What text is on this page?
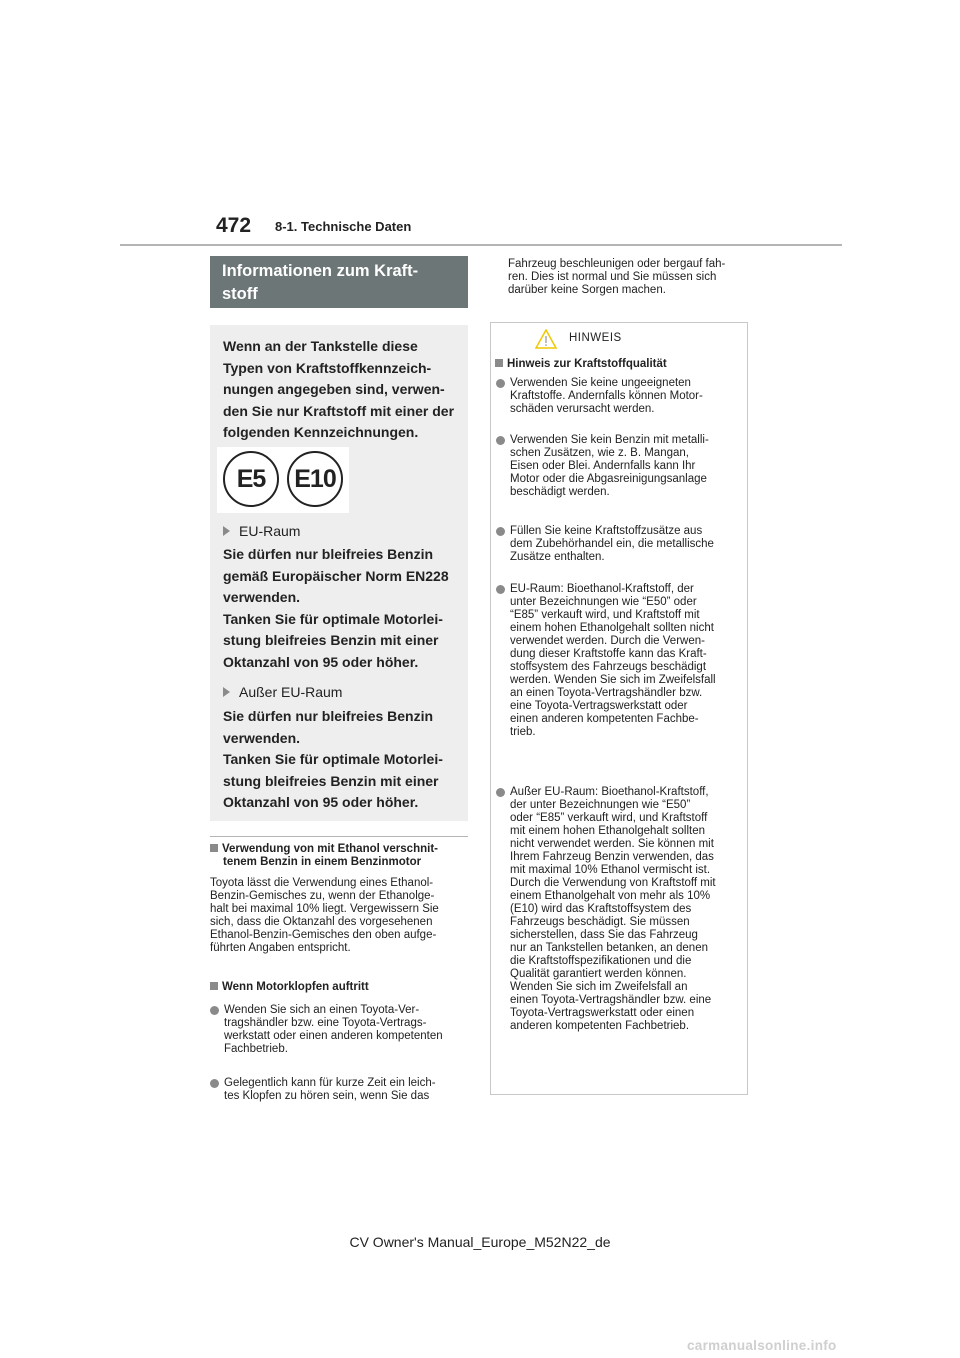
472 8-1. Technische Daten
Informationen zum Kraft-
stoff
Wenn an der Tankstelle diese
Typen von Kraftstoffkennzeich-
nungen angegeben sind, verwen-
den Sie nur Kraftstoff mit einer der
folgenden Kennzeichnungen.
E5	E10
EU-Raum
Sie dürfen nur bleifreies Benzin
gemäß Europäischer Norm EN228
verwenden.
Tanken Sie für optimale Motorlei-
stung bleifreies Benzin mit einer
Oktanzahl von 95 oder höher.
Außer EU-Raum
Sie dürfen nur bleifreies Benzin
verwenden.
Tanken Sie für optimale Motorlei-
stung bleifreies Benzin mit einer
Oktanzahl von 95 oder höher.
Verwendung von mit Ethanol verschnit-
tenem Benzin in einem Benzinmotor
Toyota lässt die Verwendung eines Ethanol-
Benzin-Gemisches zu, wenn der Ethanolge-
halt bei maximal 10% liegt. Vergewissern Sie
sich, dass die Oktanzahl des vorgesehenen
Ethanol-Benzin-Gemisches den oben aufge-
führten Angaben entspricht.
Wenn Motorklopfen auftritt
Wenden Sie sich an einen Toyota-Ver-
tragshändler bzw. eine Toyota-Vertrags-
werkstatt oder einen anderen kompetenten
Fachbetrieb.
Gelegentlich kann für kurze Zeit ein leich-
tes Klopfen zu hören sein, wenn Sie das
Fahrzeug beschleunigen oder bergauf fah-
ren. Dies ist normal und Sie müssen sich
darüber keine Sorgen machen.
HINWEIS
Hinweis zur Kraftstoffqualität
Verwenden Sie keine ungeeigneten
Kraftstoffe. Andernfalls können Motor-
schäden verursacht werden.
Verwenden Sie kein Benzin mit metalli-
schen Zusätzen, wie z. B. Mangan,
Eisen oder Blei. Andernfalls kann Ihr
Motor oder die Abgasreinigungsanlage
beschädigt werden.
Füllen Sie keine Kraftstoffzusätze aus
dem Zubehörhandel ein, die metallische
Zusätze enthalten.
EU-Raum: Bioethanol-Kraftstoff, der
unter Bezeichnungen wie “E50” oder
“E85” verkauft wird, und Kraftstoff mit
einem hohen Ethanolgehalt sollten nicht
verwendet werden. Durch die Verwen-
dung dieser Kraftstoffe kann das Kraft-
stoffsystem des Fahrzeugs beschädigt
werden. Wenden Sie sich im Zweifelsfall
an einen Toyota-Vertragshändler bzw.
eine Toyota-Vertragswerkstatt oder
einen anderen kompetenten Fachbe-
trieb.
Außer EU-Raum: Bioethanol-Kraftstoff,
der unter Bezeichnungen wie “E50”
oder “E85” verkauft wird, und Kraftstoff
mit einem hohen Ethanolgehalt sollten
nicht verwendet werden. Sie können mit
Ihrem Fahrzeug Benzin verwenden, das
mit maximal 10% Ethanol vermischt ist.
Durch die Verwendung von Kraftstoff mit
einem Ethanolgehalt von mehr als 10%
(E10) wird das Kraftstoffsystem des
Fahrzeugs beschädigt. Sie müssen
sicherstellen, dass Sie das Fahrzeug
nur an Tankstellen betanken, an denen
die Kraftstoffspezifikationen und die
Qualität garantiert werden können.
Wenden Sie sich im Zweifelsfall an
einen Toyota-Vertragshändler bzw. eine
Toyota-Vertragswerkstatt oder einen
anderen kompetenten Fachbetrieb.
CV Owner's Manual_Europe_M52N22_de
carmanualsonline.info
